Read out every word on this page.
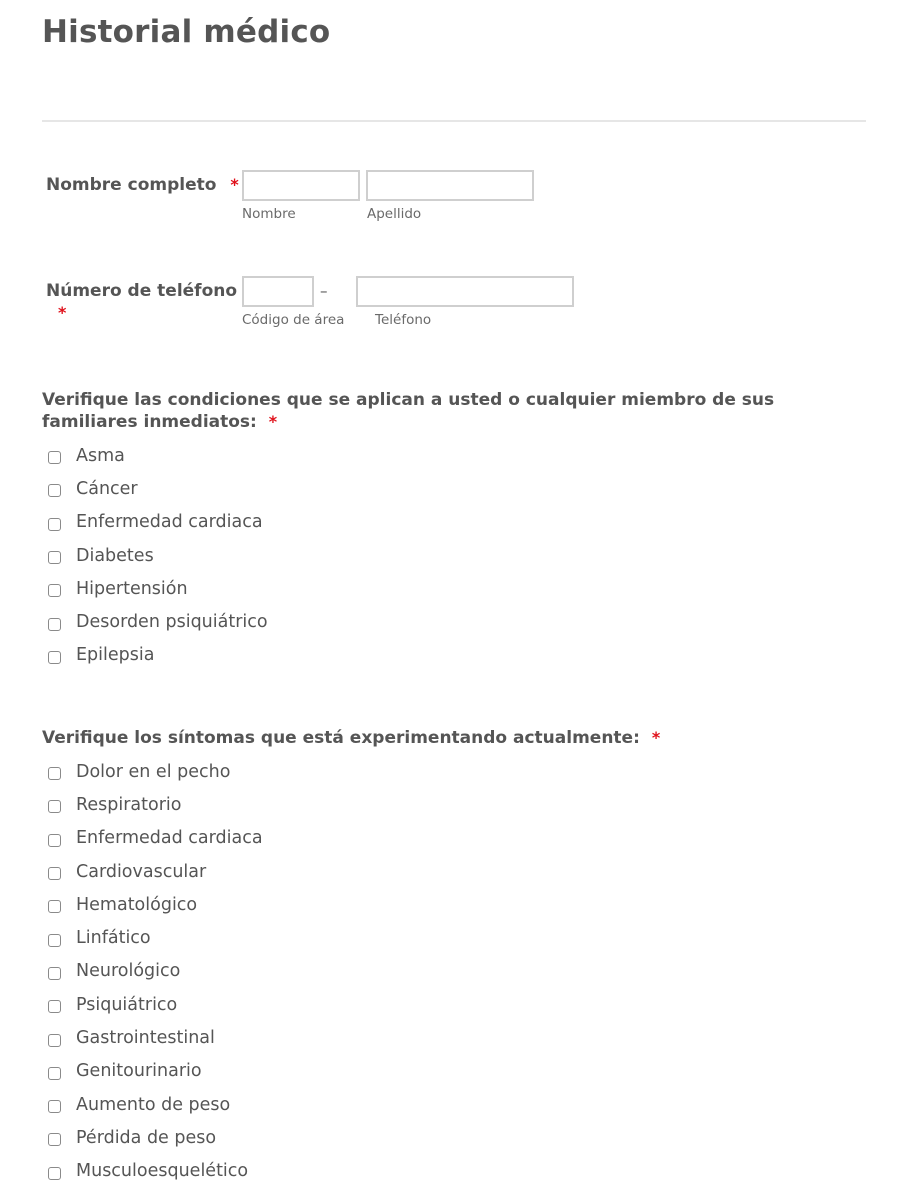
Historial médico
Nombre completo *
Nombre	Apellido
Número de teléfono
*
–
Código de área Teléfono
Verifique las condiciones que se aplican a usted o cualquier miembro de sus familiares inmediatos: *
Asma
Cáncer
Enfermedad cardiaca
Diabetes
Hipertensión
Desorden psiquiátrico
Epilepsia
Verifique los síntomas que está experimentando actualmente: *
Dolor en el pecho
Respiratorio
Enfermedad cardiaca
Cardiovascular
Hematológico
Linfático
Neurológico
Psiquiátrico
Gastrointestinal
Genitourinario
Aumento de peso
Pérdida de peso
Musculoesquelético
